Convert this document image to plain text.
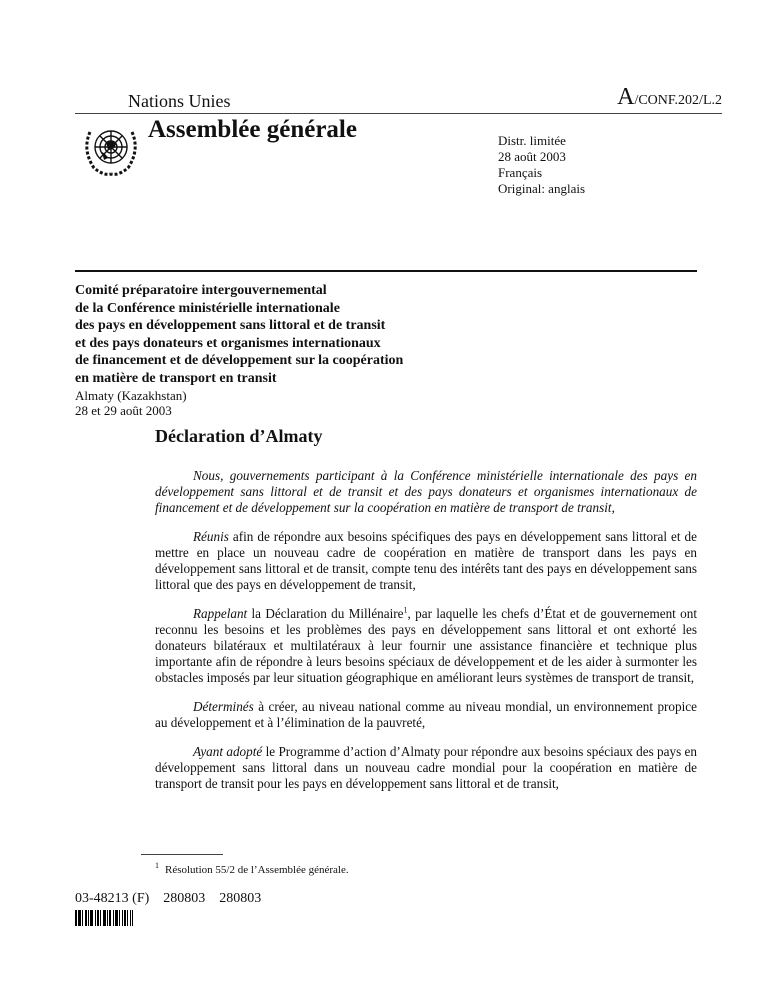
Nations Unies	A/CONF.202/L.2
Assemblée générale	Distr. limitée
28 août 2003
Français
Original: anglais
Comité préparatoire intergouvernemental
de la Conférence ministérielle internationale
des pays en développement sans littoral et de transit
et des pays donateurs et organismes internationaux
de financement et de développement sur la coopération
en matière de transport en transit
Almaty (Kazakhstan)
28 et 29 août 2003
Déclaration d’Almaty

Nous, gouvernements participant à la Conférence ministérielle internationale des pays en développement sans littoral et de transit et des pays donateurs et organismes internationaux de financement et de développement sur la coopération en matière de transport de transit,

Réunis afin de répondre aux besoins spécifiques des pays en développement sans littoral et de mettre en place un nouveau cadre de coopération en matière de transport dans les pays en développement sans littoral et de transit, compte tenu des intérêts tant des pays en développement sans littoral que des pays en développement de transit,

Rappelant la Déclaration du Millénaire$^1$, par laquelle les chefs d’État et de gouvernement ont reconnu les besoins et les problèmes des pays en développement sans littoral et ont exhorté les donateurs bilatéraux et multilatéraux à leur fournir une assistance financière et technique plus importante afin de répondre à leurs besoins spéciaux de développement et de les aider à surmonter les obstacles imposés par leur situation géographique en améliorant leurs systèmes de transport de transit,

Déterminés à créer, au niveau national comme au niveau mondial, un environnement propice au développement et à l’élimination de la pauvreté,

Ayant adopté le Programme d’action d’Almaty pour répondre aux besoins spéciaux des pays en développement sans littoral dans un nouveau cadre mondial pour la coopération en matière de transport de transit pour les pays en développement sans littoral et de transit,

$^1$ Résolution 55/2 de l’Assemblée générale.
03-48213 (F) 280803 280803
